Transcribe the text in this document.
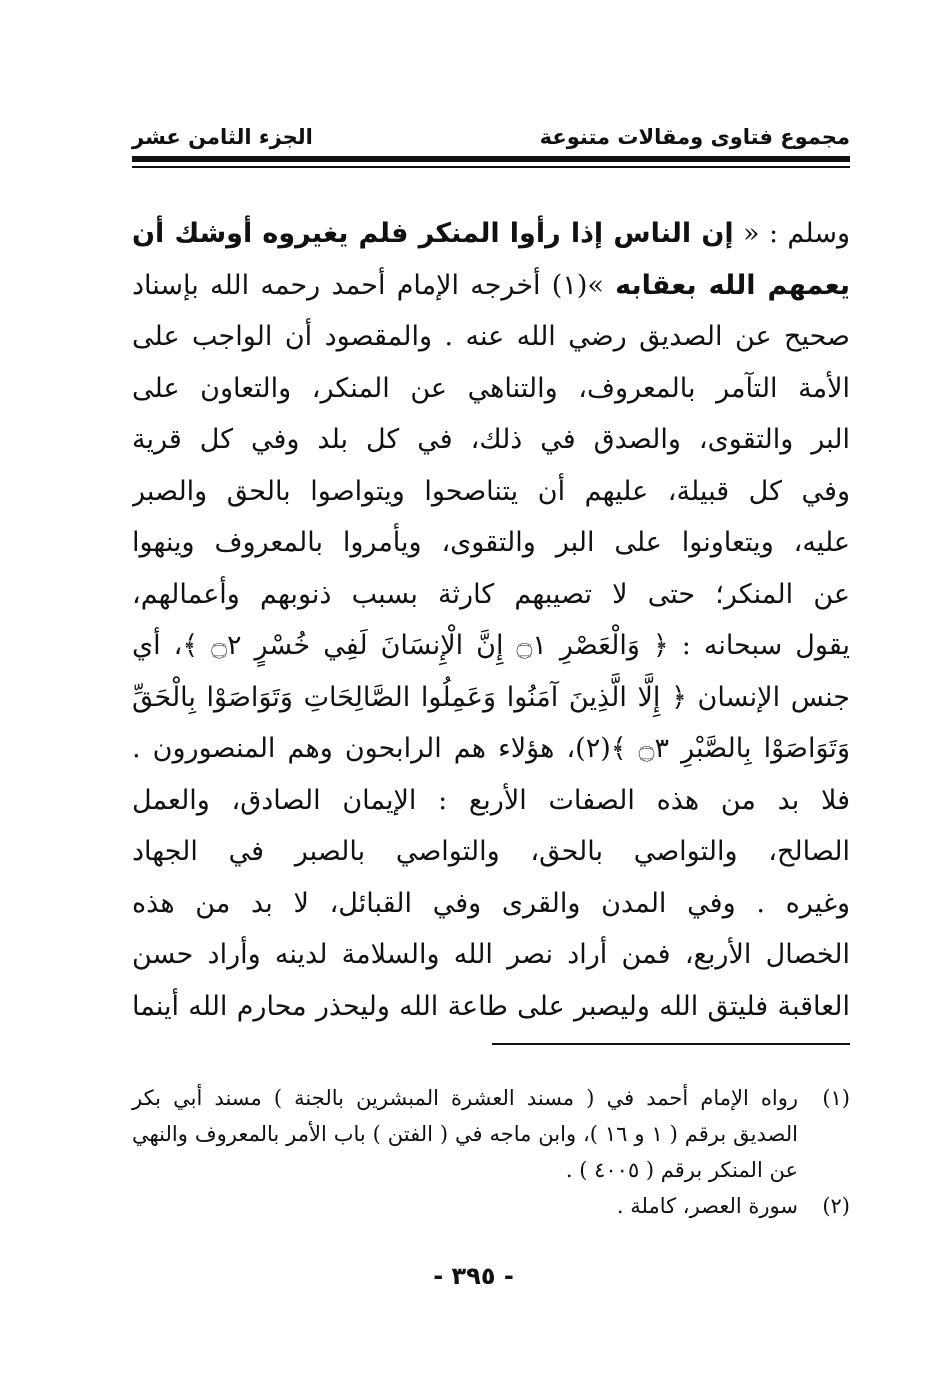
مجموع فتاوى ومقالات متنوعة
الجزء الثامن عشر
وسلم : « إن الناس إذا رأوا المنكر فلم يغيروه أوشك أن
يعمهم الله بعقابه »(١) أخرجه الإمام أحمد رحمه الله بإسناد
صحيح عن الصديق رضي الله عنه . والمقصود أن الواجب على
الأمة التآمر بالمعروف، والتناهي عن المنكر، والتعاون على
البر والتقوى، والصدق في ذلك، في كل بلد وفي كل قرية
وفي كل قبيلة، عليهم أن يتناصحوا ويتواصوا بالحق والصبر
عليه، ويتعاونوا على البر والتقوى، ويأمروا بالمعروف وينهوا
عن المنكر؛ حتى لا تصيبهم كارثة بسبب ذنوبهم وأعمالهم،
يقول سبحانه : ﴿ وَالْعَصْرِ ۝١ إِنَّ الْإِنسَانَ لَفِي خُسْرٍ ۝٢ ﴾، أي
جنس الإنسان ﴿ إِلَّا الَّذِينَ آمَنُوا وَعَمِلُوا الصَّالِحَاتِ وَتَوَاصَوْا بِالْحَقِّ
وَتَوَاصَوْا بِالصَّبْرِ ۝٣ ﴾(٢)، هؤلاء هم الرابحون وهم المنصورون .
فلا بد من هذه الصفات الأربع : الإيمان الصادق، والعمل
الصالح، والتواصي بالحق، والتواصي بالصبر في الجهاد
وغيره . وفي المدن والقرى وفي القبائل، لا بد من هذه
الخصال الأربع، فمن أراد نصر الله والسلامة لدينه وأراد حسن
العاقبة فليتق الله وليصبر على طاعة الله وليحذر محارم الله أينما
(١)
رواه الإمام أحمد في ( مسند العشرة المبشرين بالجنة ) مسند أبي بكر الصديق برقم ( ١ و ١٦ )، وابن ماجه في ( الفتن ) باب الأمر بالمعروف والنهي عن المنكر برقم ( ٤٠٠٥ ) .
(٢)
سورة العصر، كاملة .
- ٣٩٥ -
